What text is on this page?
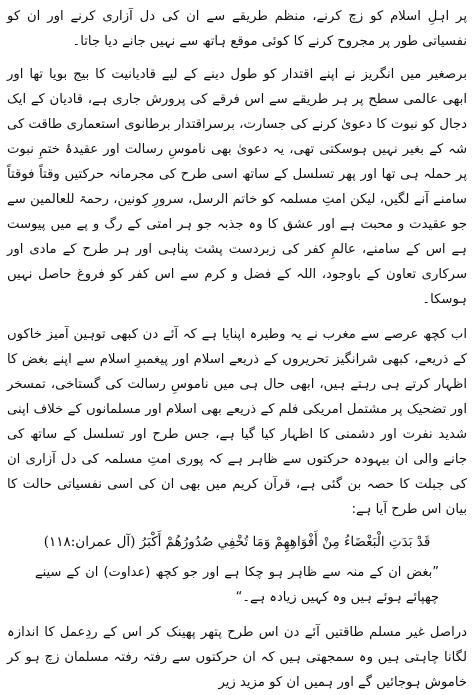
پر اہلِ اسلام کو زچ کرنے، منظم طریقے سے ان کی دل آزاری کرنے اور ان کو نفسیاتی طور پر مجروح کرنے کا کوئی موقع ہاتھ سے نہیں جانے دیا جاتا۔

برصغیر میں انگریز نے اپنے اقتدار کو طول دینے کے لیے قادیانیت کا بیج بویا تھا اور ابھی عالمی سطح پر ہر طریقے سے اس فرقے کی پرورش جاری ہے، قادیان کے ایک دجال کو نبوت کا دعویٰ کرنے کی جسارت، برسراقتدار برطانوی استعماری طاقت کی شہ کے بغیر نہیں ہوسکتی تھی، یہ دعویٰ بھی ناموسِ رسالت اور عقیدۂ ختمِ نبوت پر حملہ ہی تھا اور پھر تسلسل کے ساتھ اسی طرح کی مجرمانہ حرکتیں وقتاً فوقتاً سامنے آنے لگیں، لیکن امتِ مسلمہ کو خاتم الرسل، سرورِ کونین، رحمۃ للعالمین سے جو عقیدت و محبت ہے اور عشق کا وہ جذبہ جو ہر امتی کے رگ و پے میں پیوست ہے اس کے سامنے، عالمِ کفر کی زبردست پشت پناہی اور ہر طرح کے مادی اور سرکاری تعاون کے باوجود، اللہ کے فضل و کرم سے اس کفر کو فروغ حاصل نہیں ہوسکا۔

اب کچھ عرصے سے مغرب نے یہ وطیرہ اپنایا ہے کہ آئے دن کبھی توہین آمیز خاکوں کے ذریعے، کبھی شرانگیز تحریروں کے ذریعے اسلام اور پیغمبرِ اسلام سے اپنے بغض کا اظہار کرتے ہی رہتے ہیں، ابھی حال ہی میں ناموسِ رسالت کی گستاخی، تمسخر اور تضحیک پر مشتمل امریکی فلم کے ذریعے بھی اسلام اور مسلمانوں کے خلاف اپنی شدید نفرت اور دشمنی کا اظہار کیا گیا ہے، جس طرح اور تسلسل کے ساتھ کی جانے والی ان بیہودہ حرکتوں سے ظاہر ہے کہ پوری امتِ مسلمہ کی دل آزاری ان کی جبلت کا حصہ بن گئی ہے، قرآن کریم میں بھی ان کی اسی نفسیاتی حالت کا بیان اس طرح آیا ہے:

قَدْ بَدَتِ الْبَغْضَاءُ مِنْ أَفْوَاهِهِمْ وَمَا تُخْفِي صُدُورُهُمْ أَكْبَرُ (آل عمران:۱۱۸)

”بغض ان کے منہ سے ظاہر ہو چکا ہے اور جو کچھ (عداوت) ان کے سینے چھپائے ہوئے ہیں وہ کہیں زیادہ ہے۔“

دراصل غیر مسلم طاقتیں آئے دن اس طرح پتھر پھینک کر اس کے ردِعمل کا اندازہ لگانا چاہتی ہیں وہ سمجھتی ہیں کہ ان حرکتوں سے رفتہ رفتہ مسلمان زچ ہو کر خاموش ہوجائیں گے اور ہمیں ان کو مزید زیر
